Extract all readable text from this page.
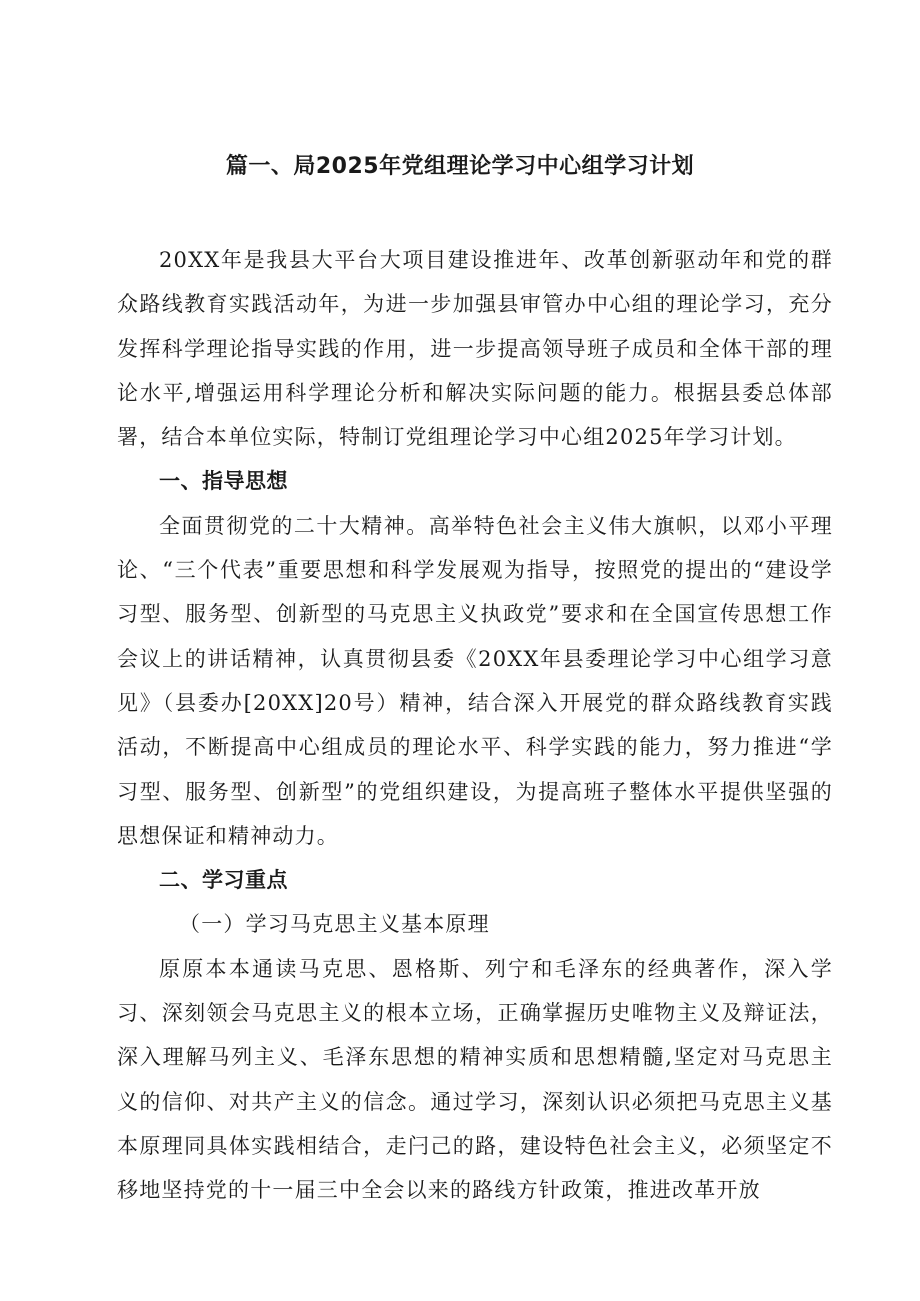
篇一、局2025年党组理论学习中心组学习计划

20XX年是我县大平台大项目建设推进年、改革创新驱动年和党的群众路线教育实践活动年，为进一步加强县审管办中心组的理论学习，充分发挥科学理论指导实践的作用，进一步提高领导班子成员和全体干部的理论水平,增强运用科学理论分析和解决实际问题的能力。根据县委总体部署，结合本单位实际，特制订党组理论学习中心组2025年学习计划。

一、指导思想

全面贯彻党的二十大精神。高举特色社会主义伟大旗帜，以邓小平理论、“三个代表”重要思想和科学发展观为指导，按照党的提出的“建设学习型、服务型、创新型的马克思主义执政党”要求和在全国宣传思想工作会议上的讲话精神，认真贯彻县委《20XX年县委理论学习中心组学习意见》（县委办[20XX]20号）精神，结合深入开展党的群众路线教育实践活动，不断提高中心组成员的理论水平、科学实践的能力，努力推进“学习型、服务型、创新型”的党组织建设，为提高班子整体水平提供坚强的思想保证和精神动力。

二、学习重点

（一）学习马克思主义基本原理

原原本本通读马克思、恩格斯、列宁和毛泽东的经典著作，深入学习、深刻领会马克思主义的根本立场，正确掌握历史唯物主义及辩证法，深入理解马列主义、毛泽东思想的精神实质和思想精髓,坚定对马克思主义的信仰、对共产主义的信念。通过学习，深刻认识必须把马克思主义基本原理同具体实践相结合，走闩己的路，建设特色社会主义，必须坚定不移地坚持党的十一届三中全会以来的路线方针政策，推进改革开放
